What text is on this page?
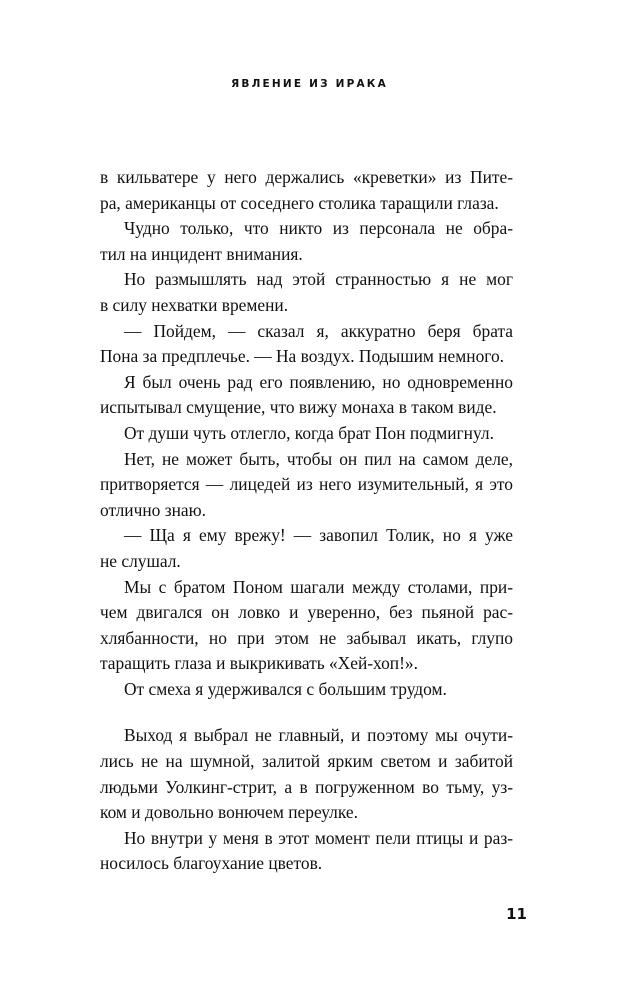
ЯВЛЕНИЕ ИЗ ИРАКА
в кильватере у него держались «креветки» из Пите-
ра, американцы от соседнего столика таращили глаза.
Чудно только, что никто из персонала не обра-
тил на инцидент внимания.
Но размышлять над этой странностью я не мог
в силу нехватки времени.
— Пойдем, — сказал я, аккуратно беря брата
Пона за предплечье. — На воздух. Подышим немного.
Я был очень рад его появлению, но одновременно
испытывал смущение, что вижу монаха в таком виде.
От души чуть отлегло, когда брат Пон подмигнул.
Нет, не может быть, чтобы он пил на самом деле,
притворяется — лицедей из него изумительный, я это
отлично знаю.
— Ща я ему врежу! — завопил Толик, но я уже
не слушал.
Мы с братом Поном шагали между столами, при-
чем двигался он ловко и уверенно, без пьяной рас-
хлябанности, но при этом не забывал икать, глупо
таращить глаза и выкрикивать «Хей-хоп!».
От смеха я удерживался с большим трудом.
Выход я выбрал не главный, и поэтому мы очути-
лись не на шумной, залитой ярким светом и забитой
людьми Уолкинг-стрит, а в погруженном во тьму, уз-
ком и довольно вонючем переулке.
Но внутри у меня в этот момент пели птицы и раз-
носилось благоухание цветов.
11
